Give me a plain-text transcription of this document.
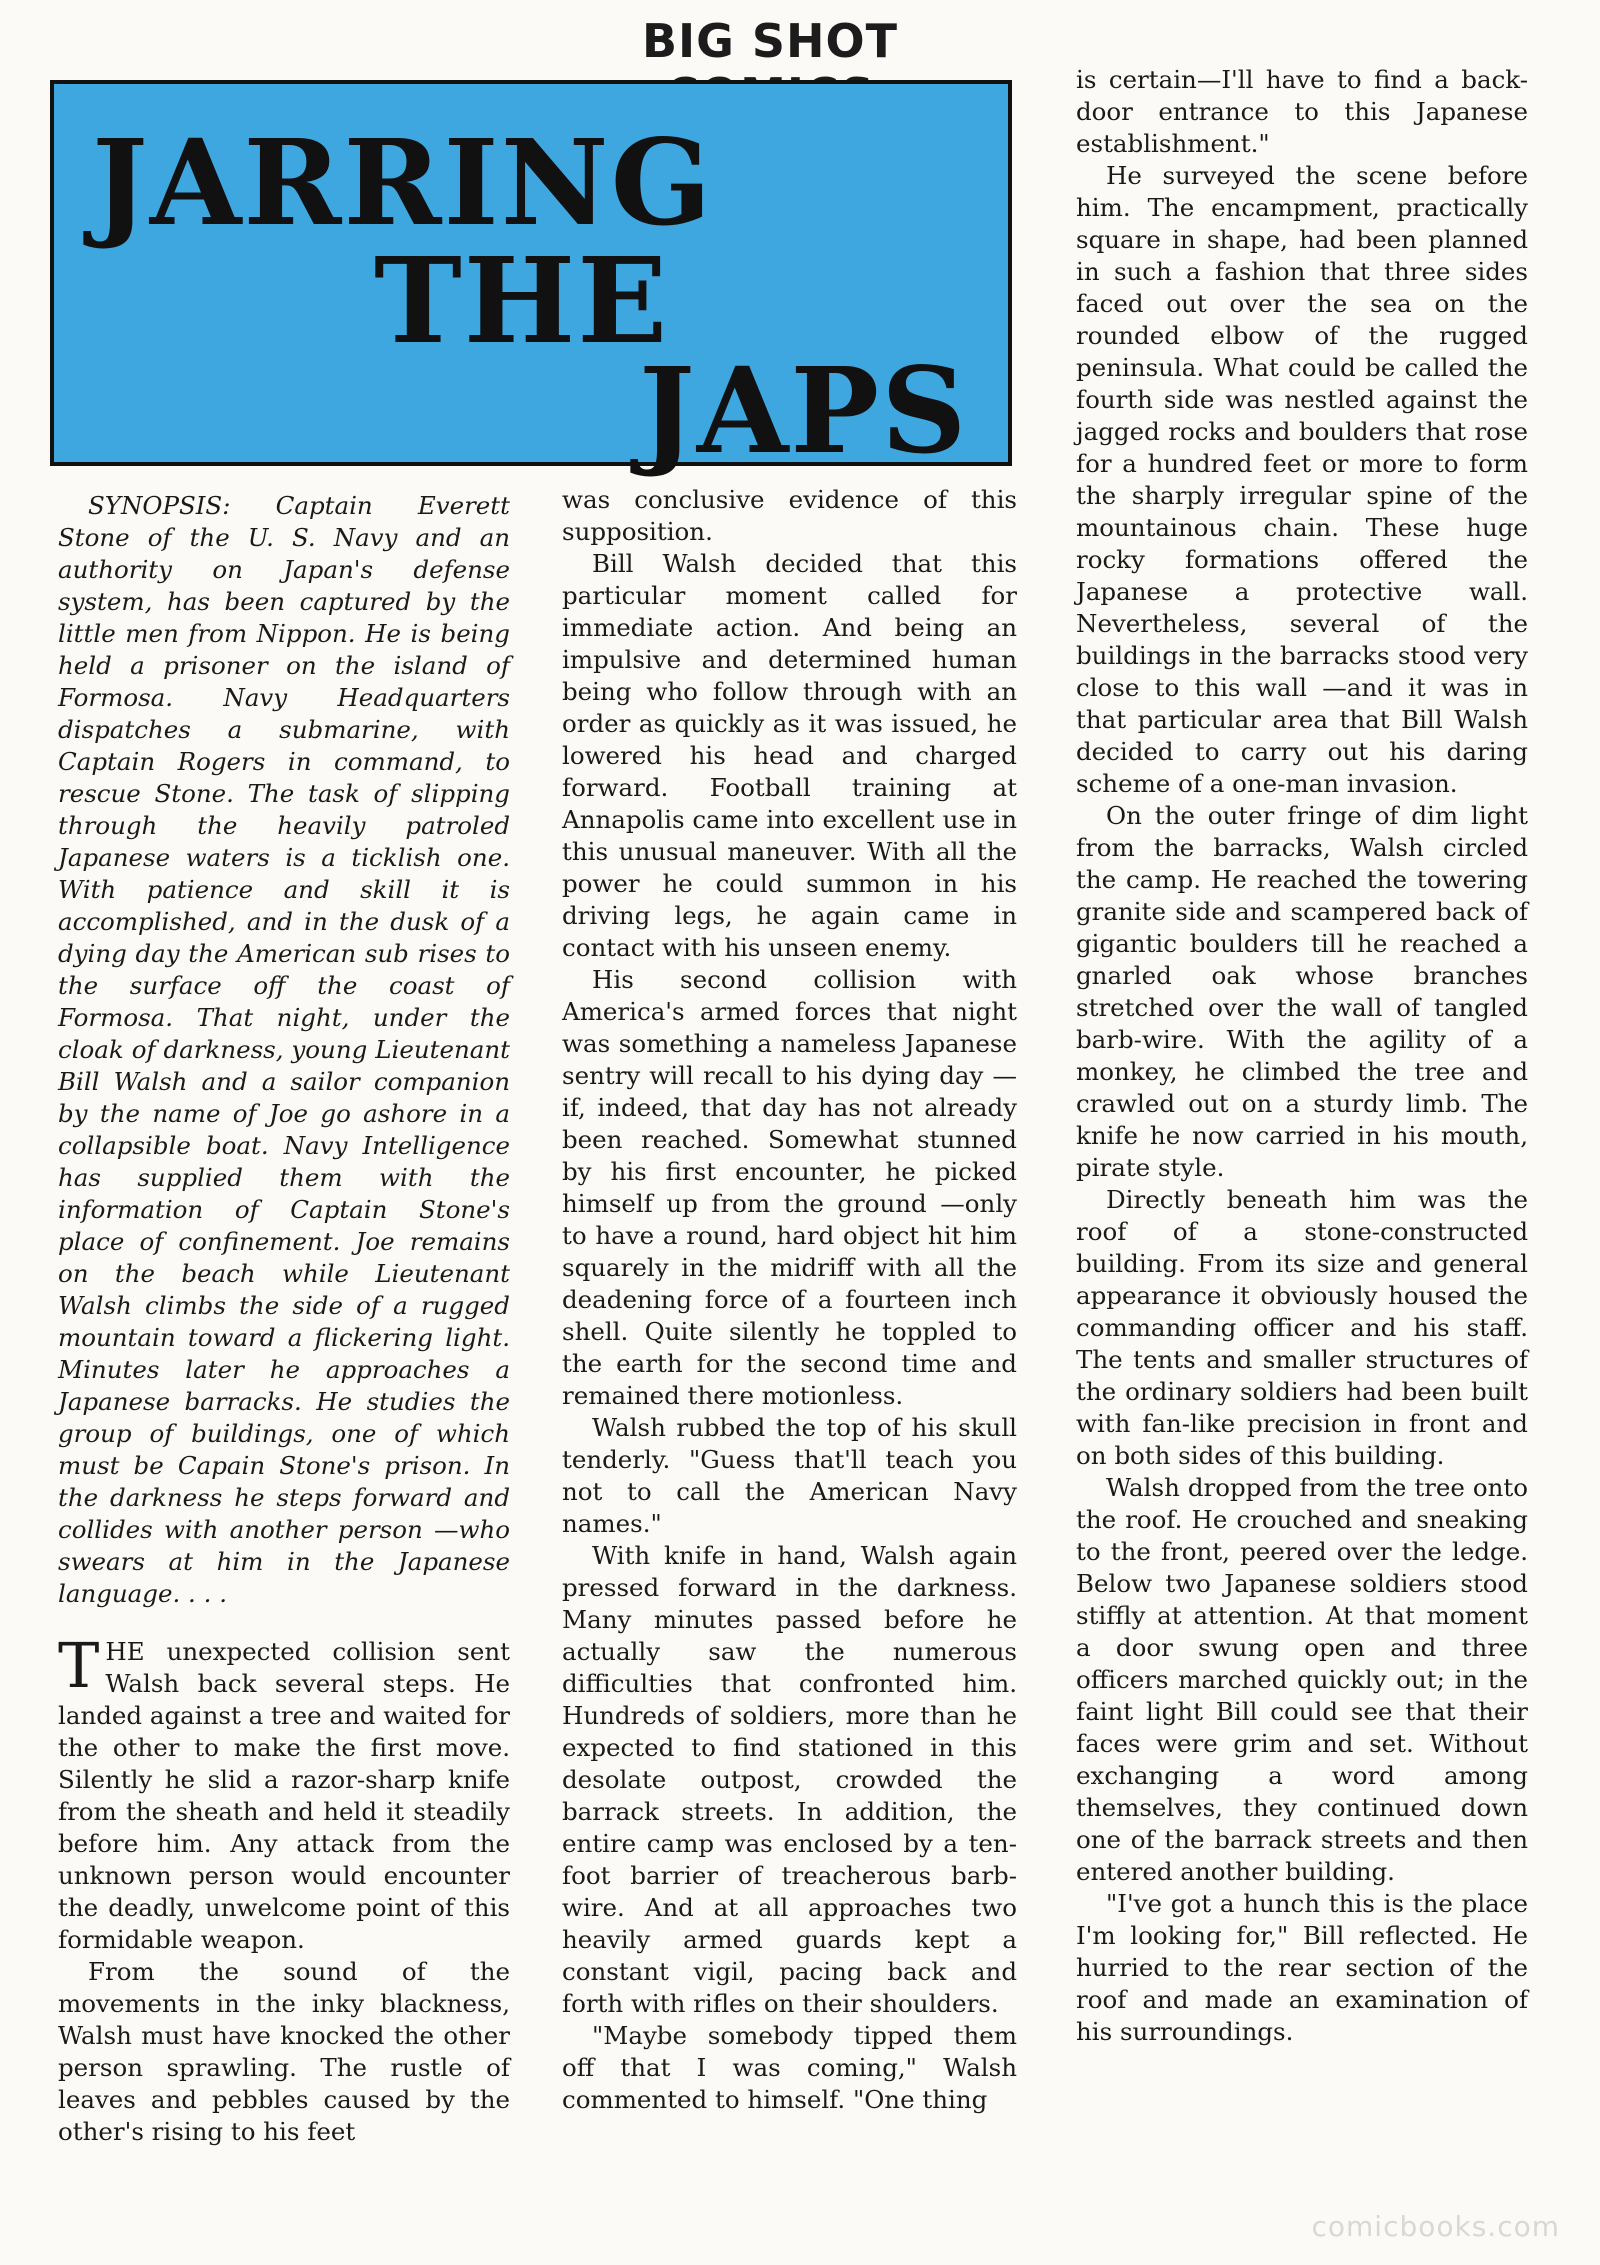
BIG SHOT
JARRING
THE
JAPS

SYNOPSIS: Captain Everett Stone of the U. S. Navy and an authority on Japan's defense system, has been captured by the little men from Nippon. He is being held a prisoner on the island of Formosa. Navy Headquarters dispatches a submarine, with Captain Rogers in command, to rescue Stone. The task of slipping through the heavily patroled Japanese waters is a ticklish one. With patience and skill it is accomplished, and in the dusk of a dying day the American sub rises to the surface off the coast of Formosa. That night, under the cloak of darkness, young Lieutenant Bill Walsh and a sailor companion by the name of Joe go ashore in a collapsible boat. Navy Intelligence has supplied them with the information of Captain Stone's place of confinement. Joe remains on the beach while Lieutenant Walsh climbs the side of a rugged mountain toward a flickering light. Minutes later he approaches a Japanese barracks. He studies the group of buildings, one of which must be Capain Stone's prison. In the darkness he steps forward and collides with another person —who swears at him in the Japanese language. . . .

THE unexpected collision sent Walsh back several steps. He landed against a tree and waited for the other to make the first move. Silently he slid a razor-sharp knife from the sheath and held it steadily before him. Any attack from the unknown person would encounter the deadly, unwelcome point of this formidable weapon.

From the sound of the movements in the inky blackness, Walsh must have knocked the other person sprawling. The rustle of leaves and pebbles caused by the other's rising to his feet

was conclusive evidence of this supposition.

Bill Walsh decided that this particular moment called for immediate action. And being an impulsive and determined human being who follow through with an order as quickly as it was issued, he lowered his head and charged forward. Football training at Annapolis came into excellent use in this unusual maneuver. With all the power he could summon in his driving legs, he again came in contact with his unseen enemy.

His second collision with America's armed forces that night was something a nameless Japanese sentry will recall to his dying day —if, indeed, that day has not already been reached. Somewhat stunned by his first encounter, he picked himself up from the ground —only to have a round, hard object hit him squarely in the midriff with all the deadening force of a fourteen inch shell. Quite silently he toppled to the earth for the second time and remained there motionless.

Walsh rubbed the top of his skull tenderly. "Guess that'll teach you not to call the American Navy names."

With knife in hand, Walsh again pressed forward in the darkness. Many minutes passed before he actually saw the numerous difficulties that confronted him. Hundreds of soldiers, more than he expected to find stationed in this desolate outpost, crowded the barrack streets. In addition, the entire camp was enclosed by a ten-foot barrier of treacherous barb-wire. And at all approaches two heavily armed guards kept a constant vigil, pacing back and forth with rifles on their shoulders.

"Maybe somebody tipped them off that I was coming," Walsh commented to himself. "One thing

is certain—I'll have to find a back-door entrance to this Japanese establishment."

He surveyed the scene before him. The encampment, practically square in shape, had been planned in such a fashion that three sides faced out over the sea on the rounded elbow of the rugged peninsula. What could be called the fourth side was nestled against the jagged rocks and boulders that rose for a hundred feet or more to form the sharply irregular spine of the mountainous chain. These huge rocky formations offered the Japanese a protective wall. Nevertheless, several of the buildings in the barracks stood very close to this wall —and it was in that particular area that Bill Walsh decided to carry out his daring scheme of a one-man invasion.

On the outer fringe of dim light from the barracks, Walsh circled the camp. He reached the towering granite side and scampered back of gigantic boulders till he reached a gnarled oak whose branches stretched over the wall of tangled barb-wire. With the agility of a monkey, he climbed the tree and crawled out on a sturdy limb. The knife he now carried in his mouth, pirate style.

Directly beneath him was the roof of a stone-constructed building. From its size and general appearance it obviously housed the commanding officer and his staff. The tents and smaller structures of the ordinary soldiers had been built with fan-like precision in front and on both sides of this building.

Walsh dropped from the tree onto the roof. He crouched and sneaking to the front, peered over the ledge. Below two Japanese soldiers stood stiffly at attention. At that moment a door swung open and three officers marched quickly out; in the faint light Bill could see that their faces were grim and set. Without exchanging a word among themselves, they continued down one of the barrack streets and then entered another building.

"I've got a hunch this is the place I'm looking for," Bill reflected. He hurried to the rear section of the roof and made an examination of his surroundings.

comicbooks.com
